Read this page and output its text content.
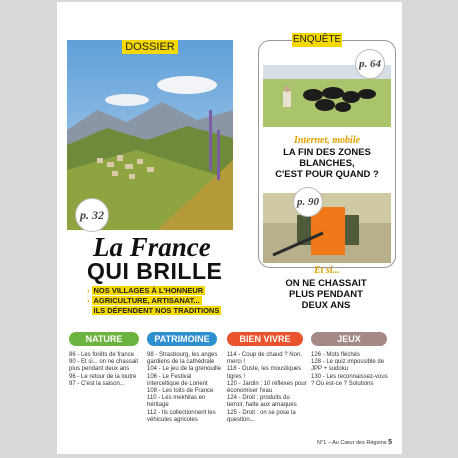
DOSSIER
p. 32
La France
QUI BRILLE
› NOS VILLAGES À L'HONNEUR
› AGRICULTURE, ARTISANAT...
ILS DÉFENDENT NOS TRADITIONS
p. 64
Internet, mobile
LA FIN DES ZONES
BLANCHES,
C'EST POUR QUAND ?
p. 90
Et si...
ENQUÊTE
ON NE CHASSAIT
PLUS PENDANT
DEUX ANS
NATURE	PATRIMOINE	BIEN VIVRE	JEUX
86 - Les forêts de france
90 - Et si... on ne chassait plus pendant deux ans
96 - Le retour de la loutre
97 - C'est la saison...
98 - Strasbourg, les anges gardiens de la cathédrale
104 - Le jeu de la grenouille
106 - Le Festival interceltique de Lorient
108 - Les toits de France
110 - Les mekhilas en héritage
112 - Ils collectionnent les véhicules agricoles
114 - Coup de chaud ? Non, merci !
118 - Ouste, les moustiques tigres !
120 - Jardin : 10 réflexes pour économiser l'eau
124 - Droit : produits du terroir, halte aux arnaques
125 - Droit : on se pose la question...
126 - Mots fléchés
128 - Le quiz impossible de JPP + sudoku
130 - Les reconnaissez-vous ? Où est-ce ? Solutions
N°1 – Au Cœur des Régions 5
